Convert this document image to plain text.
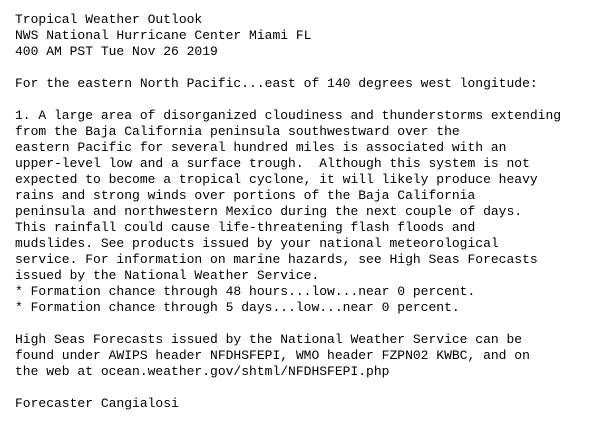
Tropical Weather Outlook
NWS National Hurricane Center Miami FL
400 AM PST Tue Nov 26 2019
For the eastern North Pacific...east of 140 degrees west longitude:
1. A large area of disorganized cloudiness and thunderstorms extending
from the Baja California peninsula southwestward over the
eastern Pacific for several hundred miles is associated with an
upper-level low and a surface trough.  Although this system is not
expected to become a tropical cyclone, it will likely produce heavy
rains and strong winds over portions of the Baja California
peninsula and northwestern Mexico during the next couple of days.
This rainfall could cause life-threatening flash floods and
mudslides. See products issued by your national meteorological
service. For information on marine hazards, see High Seas Forecasts
issued by the National Weather Service.
* Formation chance through 48 hours...low...near 0 percent.
* Formation chance through 5 days...low...near 0 percent.
High Seas Forecasts issued by the National Weather Service can be
found under AWIPS header NFDHSFEPI, WMO header FZPN02 KWBC, and on
the web at ocean.weather.gov/shtml/NFDHSFEPI.php
Forecaster Cangialosi
